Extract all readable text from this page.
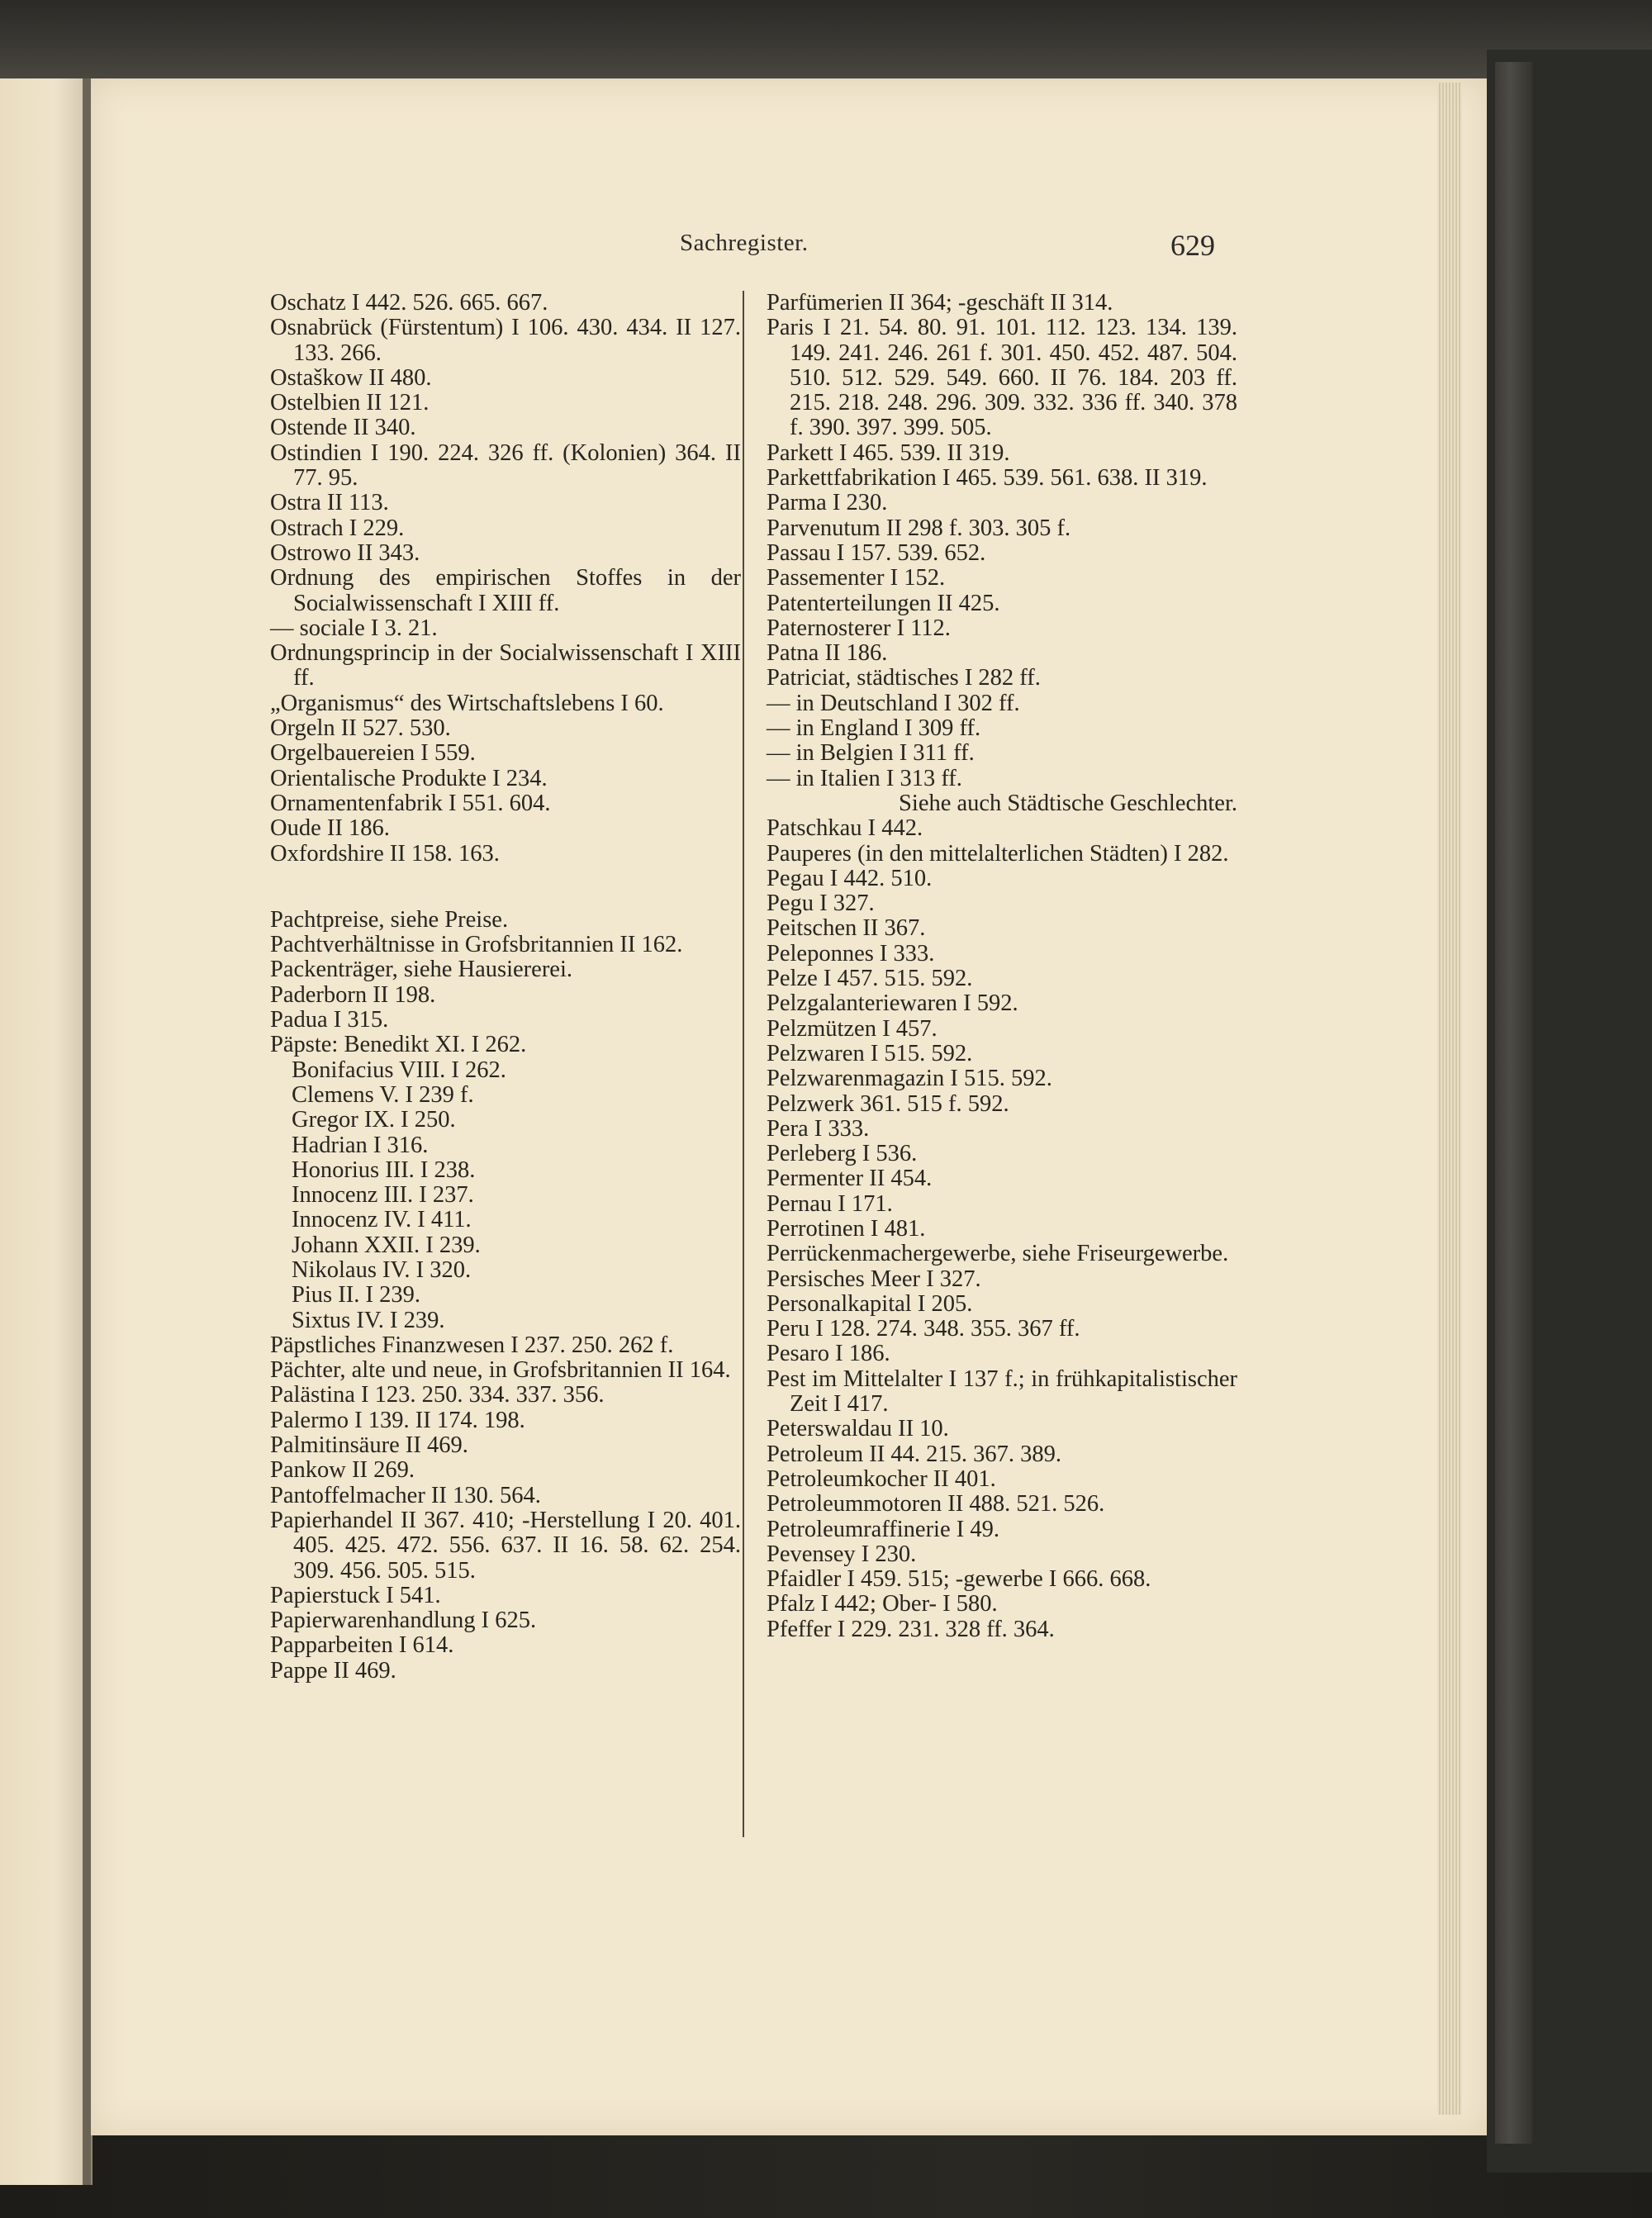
Sachregister.	629
Oschatz I 442. 526. 665. 667.
Osnabrück (Fürstentum) I 106. 430. 434. II 127. 133. 266.
Ostaškow II 480.
Ostelbien II 121.
Ostende II 340.
Ostindien I 190. 224. 326 ff. (Kolonien) 364. II 77. 95.
Ostra II 113.
Ostrach I 229.
Ostrowo II 343.
Ordnung des empirischen Stoffes in der Socialwissenschaft I XIII ff.
— sociale I 3. 21.
Ordnungsprincip in der Socialwissenschaft I XIII ff.
„Organismus“ des Wirtschaftslebens I 60.
Orgeln II 527. 530.
Orgelbauereien I 559.
Orientalische Produkte I 234.
Ornamentenfabrik I 551. 604.
Oude II 186.
Oxfordshire II 158. 163.
Pachtpreise, siehe Preise.
Pachtverhältnisse in Grofsbritannien II 162.
Packenträger, siehe Hausiererei.
Paderborn II 198.
Padua I 315.
Päpste: Benedikt XI. I 262.
Bonifacius VIII. I 262.
Clemens V. I 239 f.
Gregor IX. I 250.
Hadrian I 316.
Honorius III. I 238.
Innocenz III. I 237.
Innocenz IV. I 411.
Johann XXII. I 239.
Nikolaus IV. I 320.
Pius II. I 239.
Sixtus IV. I 239.
Päpstliches Finanzwesen I 237. 250. 262 f.
Pächter, alte und neue, in Grofsbritannien II 164.
Palästina I 123. 250. 334. 337. 356.
Palermo I 139. II 174. 198.
Palmitinsäure II 469.
Pankow II 269.
Pantoffelmacher II 130. 564.
Papierhandel II 367. 410; -Herstellung I 20. 401. 405. 425. 472. 556. 637. II 16. 58. 62. 254. 309. 456. 505. 515.
Papierstuck I 541.
Papierwarenhandlung I 625.
Papparbeiten I 614.
Pappe II 469.
Parfümerien II 364; -geschäft II 314.
Paris I 21. 54. 80. 91. 101. 112. 123. 134. 139. 149. 241. 246. 261 f. 301. 450. 452. 487. 504. 510. 512. 529. 549. 660. II 76. 184. 203 ff. 215. 218. 248. 296. 309. 332. 336 ff. 340. 378 f. 390. 397. 399. 505.
Parkett I 465. 539. II 319.
Parkettfabrikation I 465. 539. 561. 638. II 319.
Parma I 230.
Parvenutum II 298 f. 303. 305 f.
Passau I 157. 539. 652.
Passementer I 152.
Patenterteilungen II 425.
Paternosterer I 112.
Patna II 186.
Patriciat, städtisches I 282 ff.
— in Deutschland I 302 ff.
— in England I 309 ff.
— in Belgien I 311 ff.
— in Italien I 313 ff.
Siehe auch Städtische Geschlechter.
Patschkau I 442.
Pauperes (in den mittelalterlichen Städten) I 282.
Pegau I 442. 510.
Pegu I 327.
Peitschen II 367.
Peleponnes I 333.
Pelze I 457. 515. 592.
Pelzgalanteriewaren I 592.
Pelzmützen I 457.
Pelzwaren I 515. 592.
Pelzwarenmagazin I 515. 592.
Pelzwerk 361. 515 f. 592.
Pera I 333.
Perleberg I 536.
Permenter II 454.
Pernau I 171.
Perrotinen I 481.
Perrückenmachergewerbe, siehe Friseurgewerbe.
Persisches Meer I 327.
Personalkapital I 205.
Peru I 128. 274. 348. 355. 367 ff.
Pesaro I 186.
Pest im Mittelalter I 137 f.; in frühkapitalistischer Zeit I 417.
Peterswaldau II 10.
Petroleum II 44. 215. 367. 389.
Petroleumkocher II 401.
Petroleummotoren II 488. 521. 526.
Petroleumraffinerie I 49.
Pevensey I 230.
Pfaidler I 459. 515; -gewerbe I 666. 668.
Pfalz I 442; Ober- I 580.
Pfeffer I 229. 231. 328 ff. 364.
